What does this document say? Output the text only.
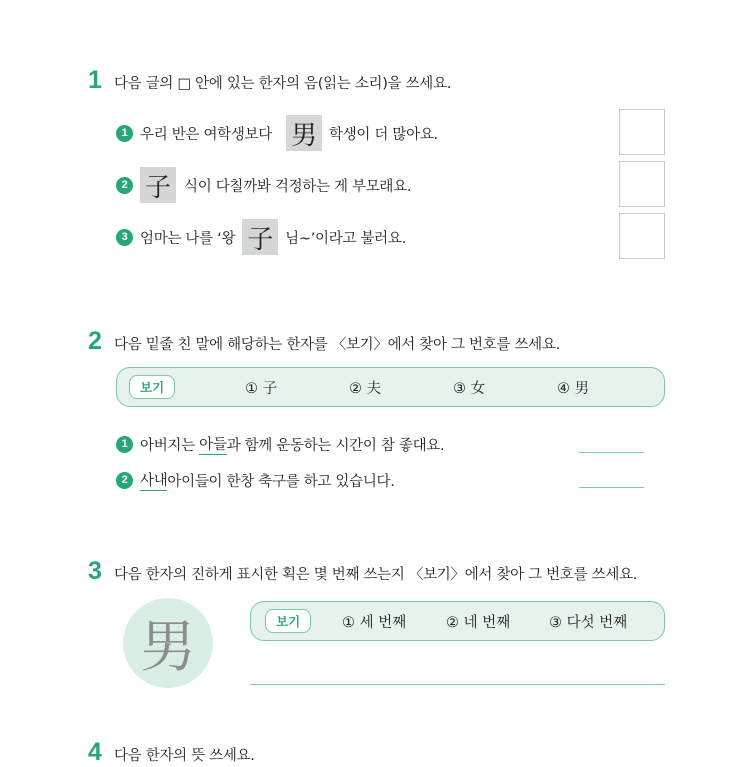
1 다음 글의 □ 안에 있는 한자의 음(읽는 소리)을 쓰세요.
1 우리 반은 여학생보다 男 학생이 더 많아요.
2 子 식이 다칠까봐 걱정하는 게 부모래요.
3 엄마는 나를 ‘왕 子 님~’이라고 불러요.
2 다음 밑줄 친 말에 해당하는 한자를 〈보기〉에서 찾아 그 번호를 쓰세요.
보기	① 子	② 夫	③ 女	④ 男
1 아버지는 아들 과 함께 운동하는 시간이 참 좋대요.
2 사내 아이들이 한창 축구를 하고 있습니다.
3 다음 한자의 진하게 표시한 획은 몇 번째 쓰는지 〈보기〉에서 찾아 그 번호를 쓰세요.
男	보기	① 세 번째	② 네 번째	③ 다섯 번째
4 다음 한자의 뜻 쓰세요.
